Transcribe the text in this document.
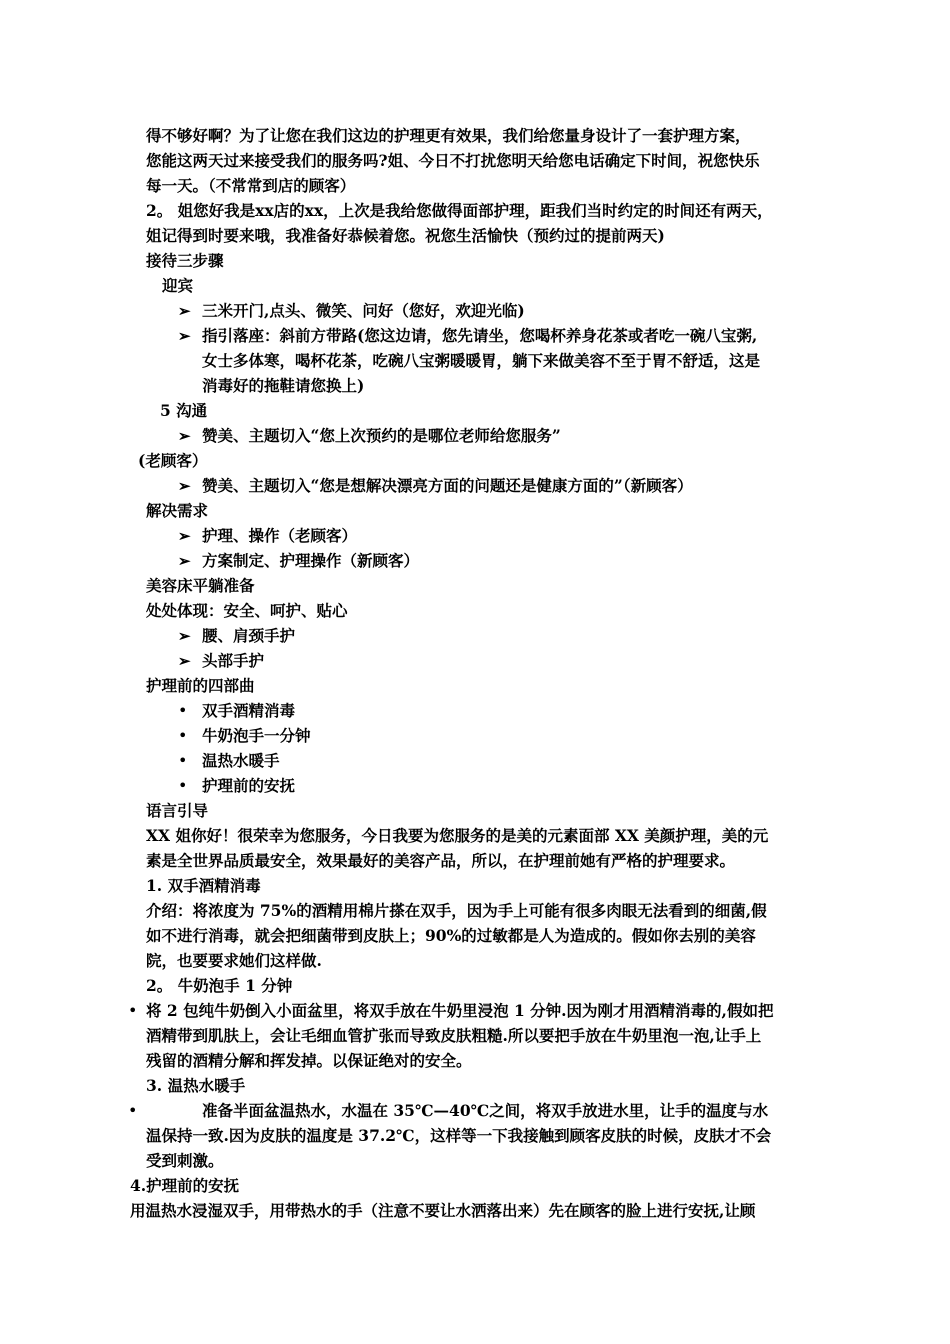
得不够好啊？为了让您在我们这边的护理更有效果，我们给您量身设计了一套护理方案，
您能这两天过来接受我们的服务吗?姐、今日不打扰您明天给您电话确定下时间，祝您快乐
每一天。（不常常到店的顾客）
2。 姐您好我是xx店的xx，上次是我给您做得面部护理，距我们当时约定的时间还有两天，
姐记得到时要来哦，我准备好恭候着您。祝您生活愉快（预约过的提前两天)
接待三步骤
迎宾
➢ 三米开门,点头、微笑、问好（您好，欢迎光临)
➢ 指引落座：斜前方带路(您这边请，您先请坐，您喝杯养身花茶或者吃一碗八宝粥,
女士多体寒，喝杯花茶，吃碗八宝粥暖暖胃，躺下来做美容不至于胃不舒适，这是
消毒好的拖鞋请您换上)
5 沟通
➢ 赞美、主题切入“您上次预约的是哪位老师给您服务”
(老顾客）
➢ 赞美、主题切入“您是想解决漂亮方面的问题还是健康方面的”（新顾客）
解决需求
➢ 护理、操作（老顾客）
➢ 方案制定、护理操作（新顾客）
美容床平躺准备
处处体现：安全、呵护、贴心
➢ 腰、肩颈手护
➢ 头部手护
护理前的四部曲
• 双手酒精消毒
• 牛奶泡手一分钟
• 温热水暖手
• 护理前的安抚
语言引导
XX 姐你好！很荣幸为您服务，今日我要为您服务的是美的元素面部 XX 美颜护理，美的元
素是全世界品质最安全，效果最好的美容产品，所以，在护理前她有严格的护理要求。
1. 双手酒精消毒
介绍：将浓度为 75%的酒精用棉片搽在双手，因为手上可能有很多肉眼无法看到的细菌,假
如不进行消毒，就会把细菌带到皮肤上；90%的过敏都是人为造成的。假如你去别的美容
院，也要要求她们这样做.
2。 牛奶泡手 1 分钟
• 将 2 包纯牛奶倒入小面盆里，将双手放在牛奶里浸泡 1 分钟.因为刚才用酒精消毒的,假如把
酒精带到肌肤上，会让毛细血管扩张而导致皮肤粗糙.所以要把手放在牛奶里泡一泡,让手上
残留的酒精分解和挥发掉。以保证绝对的安全。
3. 温热水暖手
•	准备半面盆温热水，水温在 35℃—40℃之间，将双手放进水里，让手的温度与水
温保持一致.因为皮肤的温度是 37.2℃，这样等一下我接触到顾客皮肤的时候，皮肤才不会
受到刺激。
4.护理前的安抚
用温热水浸湿双手，用带热水的手（注意不要让水洒落出来）先在顾客的脸上进行安抚,让顾
